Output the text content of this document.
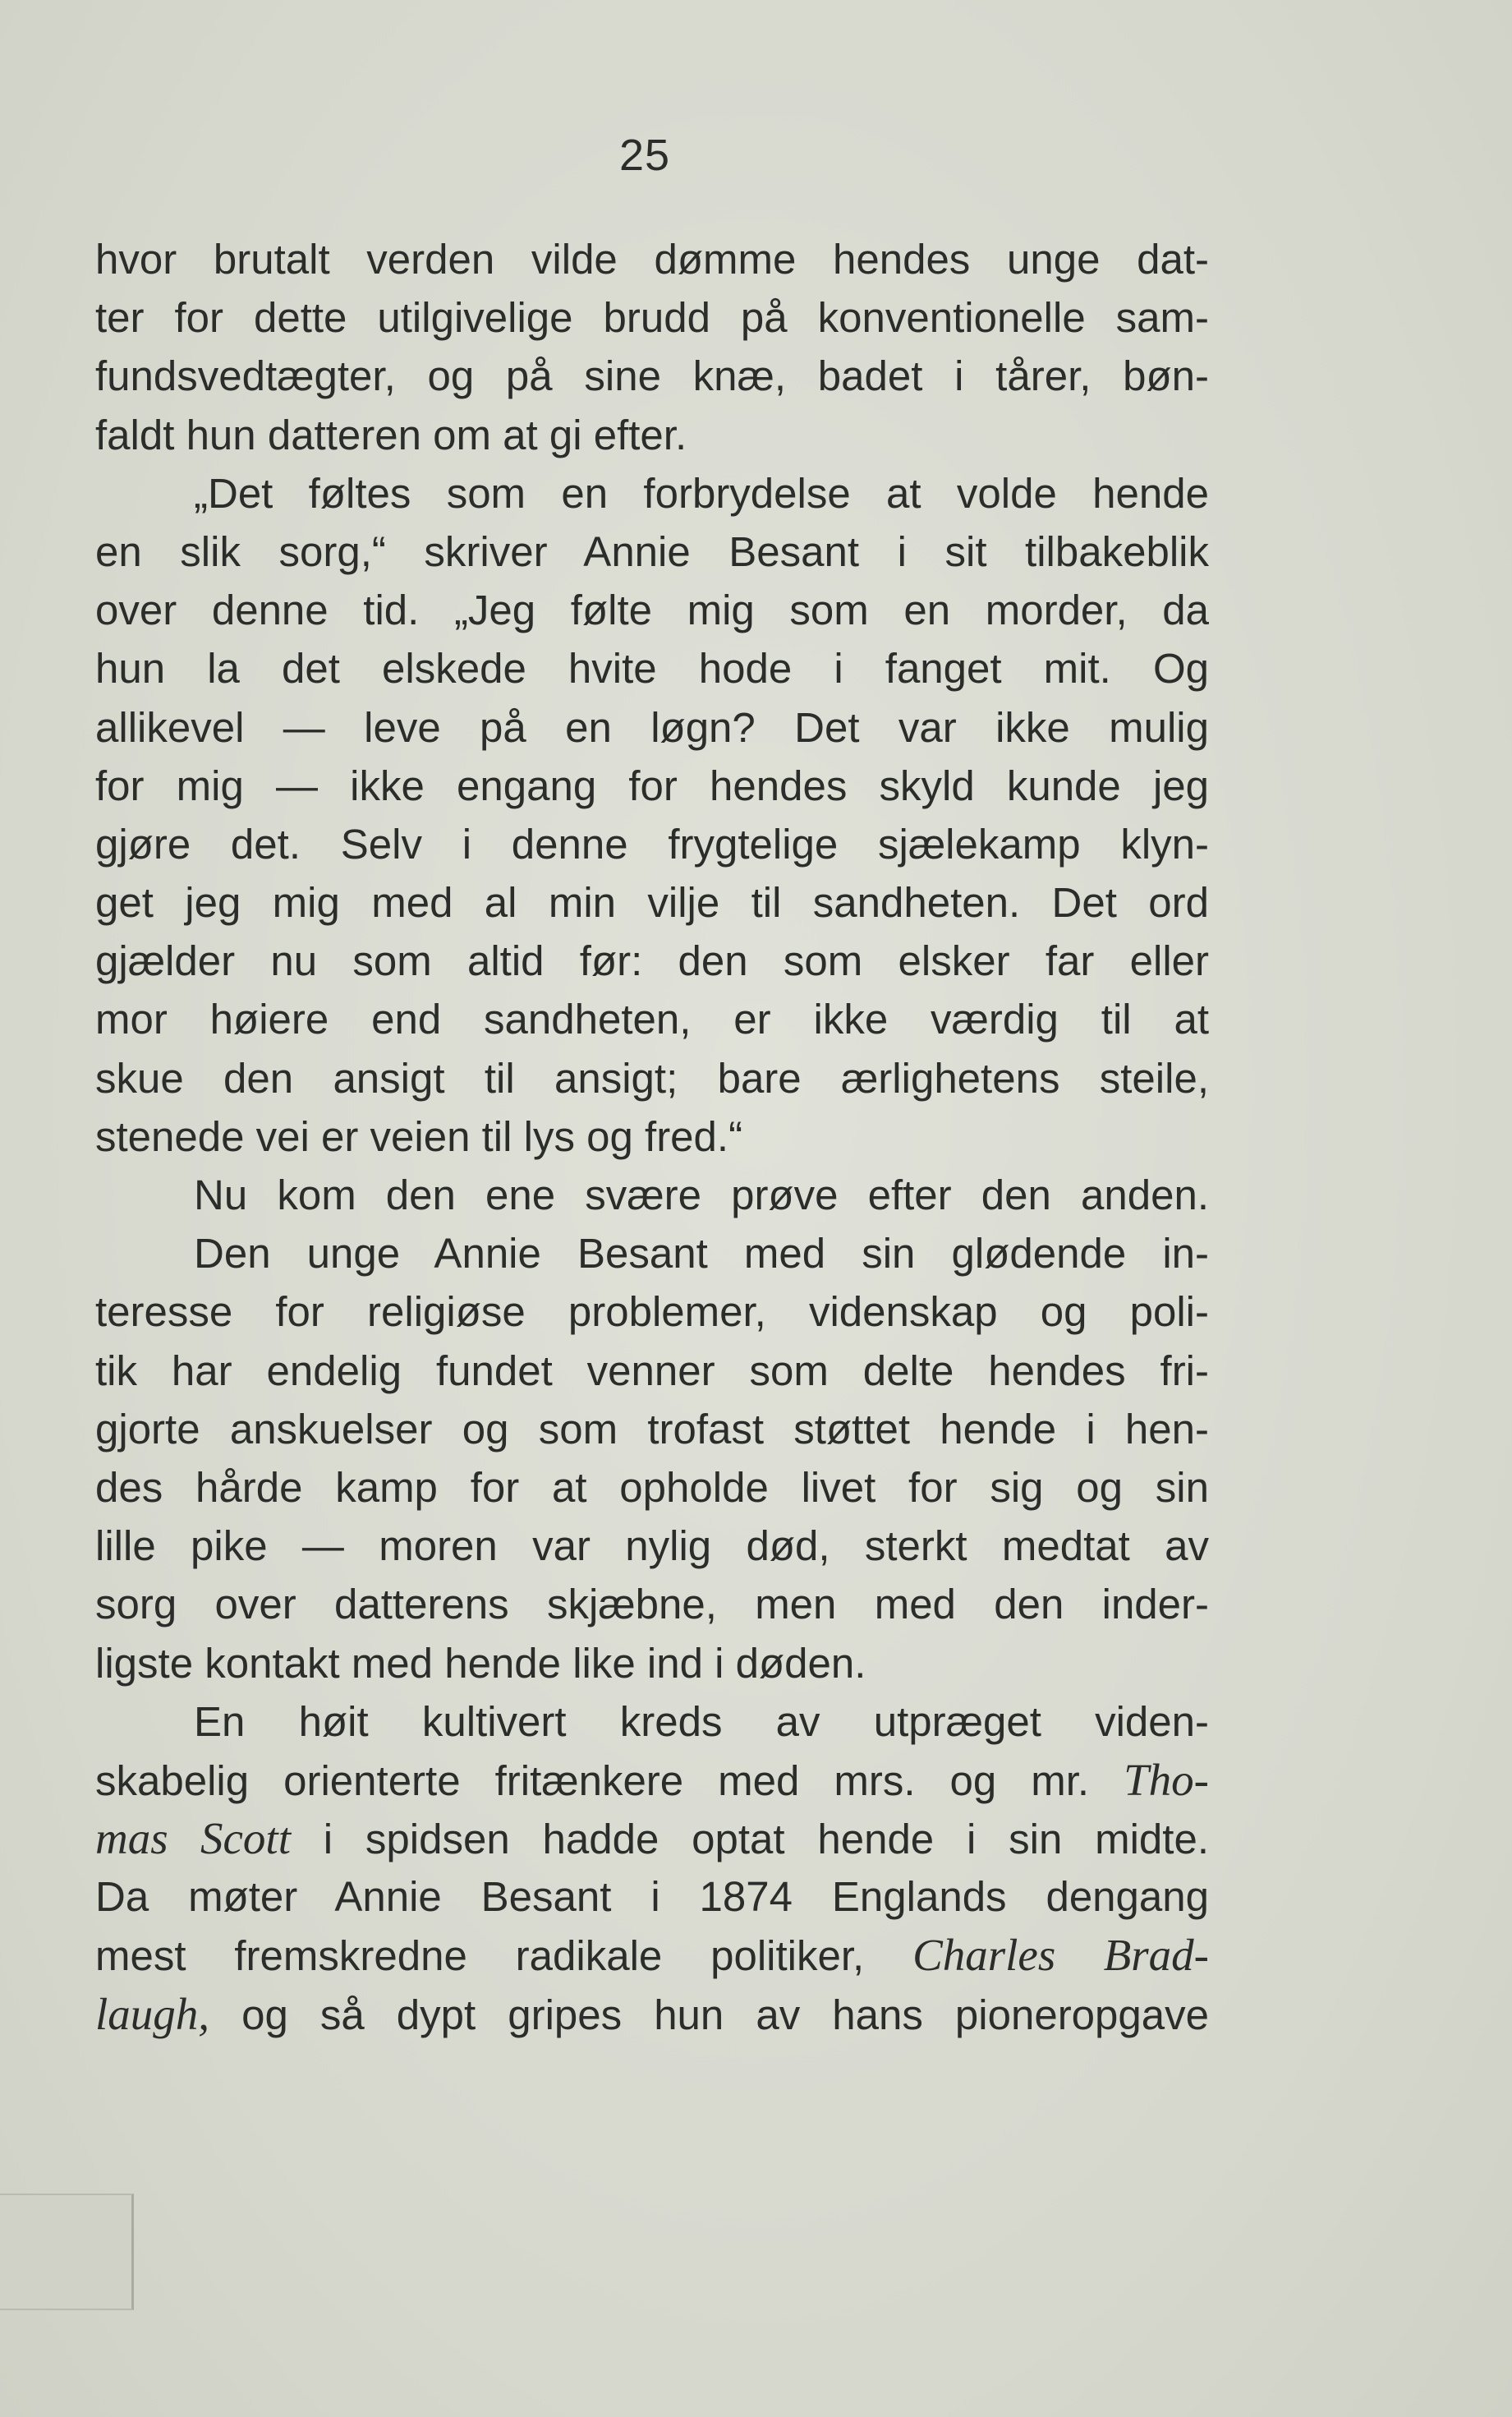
25
hvor brutalt verden vilde dømme hendes unge dat-
ter for dette utilgivelige brudd på konventionelle sam-
fundsvedtægter, og på sine knæ, badet i tårer, bøn-
faldt hun datteren om at gi efter.
„Det føltes som en forbrydelse at volde hende
en slik sorg,“ skriver Annie Besant i sit tilbakeblik
over denne tid. „Jeg følte mig som en morder, da
hun la det elskede hvite hode i fanget mit. Og
allikevel — leve på en løgn? Det var ikke mulig
for mig — ikke engang for hendes skyld kunde jeg
gjøre det. Selv i denne frygtelige sjælekamp klyn-
get jeg mig med al min vilje til sandheten. Det ord
gjælder nu som altid før: den som elsker far eller
mor høiere end sandheten, er ikke værdig til at
skue den ansigt til ansigt; bare ærlighetens steile,
stenede vei er veien til lys og fred.“
Nu kom den ene svære prøve efter den anden.
Den unge Annie Besant med sin glødende in-
teresse for religiøse problemer, videnskap og poli-
tik har endelig fundet venner som delte hendes fri-
gjorte anskuelser og som trofast støttet hende i hen-
des hårde kamp for at opholde livet for sig og sin
lille pike — moren var nylig død, sterkt medtat av
sorg over datterens skjæbne, men med den inder-
ligste kontakt med hende like ind i døden.
En høit kultivert kreds av utpræget viden-
skabelig orienterte fritænkere med mrs. og mr. Tho-
mas Scott i spidsen hadde optat hende i sin midte.
Da møter Annie Besant i 1874 Englands dengang
mest fremskredne radikale politiker, Charles Brad-
laugh, og så dypt gripes hun av hans pioneropgave
